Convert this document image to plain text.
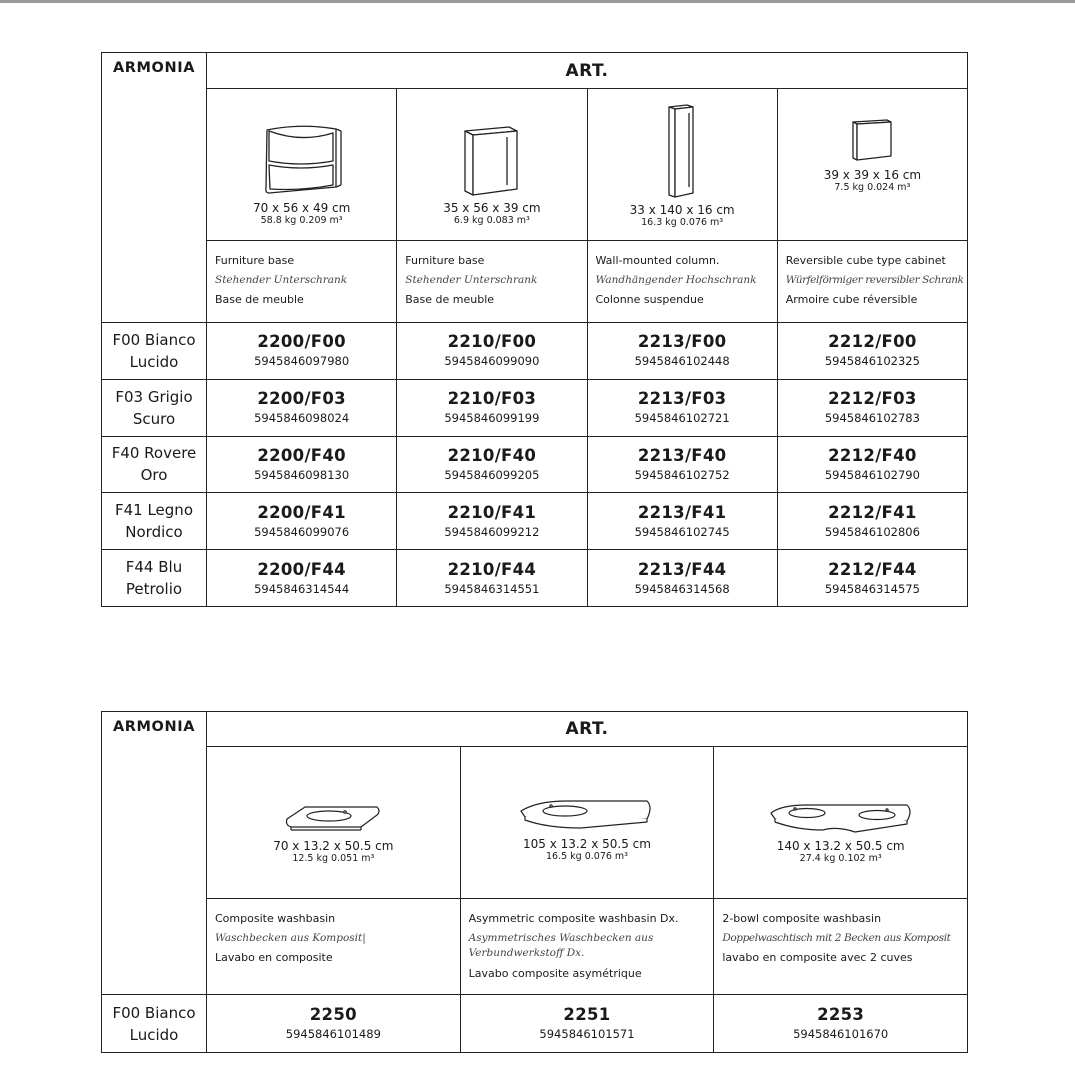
ARMONIA	ART.
70 x 56 x 49 cm
58.8 kg 0.209 m³
35 x 56 x 39 cm
6.9 kg 0.083 m³
33 x 140 x 16 cm
16.3 kg 0.076 m³
39 x 39 x 16 cm
7.5 kg 0.024 m³
Furniture base
Stehender Unterschrank
Base de meuble
Furniture base
Stehender Unterschrank
Base de meuble
Wall-mounted column.
Wandhängender Hochschrank
Colonne suspendue
Reversible cube type cabinet
Würfelförmiger reversibler Schrank
Armoire cube réversible
F00 Bianco
Lucido
2200/F00
5945846097980
2210/F00
5945846099090
2213/F00
5945846102448
2212/F00
5945846102325
F03 Grigio
Scuro
2200/F03
5945846098024
2210/F03
5945846099199
2213/F03
5945846102721
2212/F03
5945846102783
F40 Rovere
Oro
2200/F40
5945846098130
2210/F40
5945846099205
2213/F40
5945846102752
2212/F40
5945846102790
F41 Legno
Nordico
2200/F41
5945846099076
2210/F41
5945846099212
2213/F41
5945846102745
2212/F41
5945846102806
F44 Blu
Petrolio
2200/F44
5945846314544
2210/F44
5945846314551
2213/F44
5945846314568
2212/F44
5945846314575
ARMONIA	ART.
70 x 13.2 x 50.5 cm
12.5 kg 0.051 m³
105 x 13.2 x 50.5 cm
16.5 kg 0.076 m³
140 x 13.2 x 50.5 cm
27.4 kg 0.102 m³
Composite washbasin
Waschbecken aus Komposit|
Lavabo en composite
Asymmetric composite washbasin Dx.
Asymmetrisches Waschbecken aus Verbundwerkstoff Dx.
Lavabo composite asymétrique
2-bowl composite washbasin
Doppelwaschtisch mit 2 Becken aus Komposit
lavabo en composite avec 2 cuves
F00 Bianco
Lucido
2250
5945846101489
2251
5945846101571
2253
5945846101670
